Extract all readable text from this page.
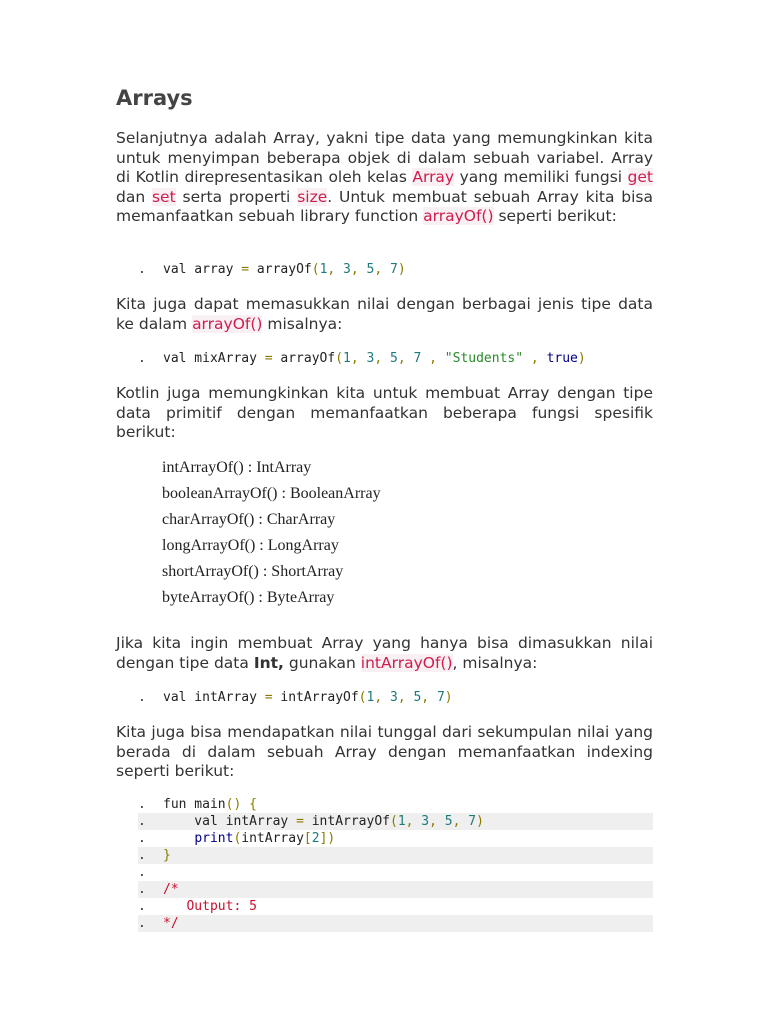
Arrays

Selanjutnya adalah Array, yakni tipe data yang memungkinkan kita untuk menyimpan beberapa objek di dalam sebuah variabel. Array di Kotlin direpresentasikan oleh kelas Array yang memiliki fungsi get dan set serta properti size. Untuk membuat sebuah Array kita bisa memanfaatkan sebuah library function arrayOf() seperti berikut:

. val array = arrayOf(1, 3, 5, 7)

Kita juga dapat memasukkan nilai dengan berbagai jenis tipe data ke dalam arrayOf() misalnya:

. val mixArray = arrayOf(1, 3, 5, 7 , "Students" , true)

Kotlin juga memungkinkan kita untuk membuat Array dengan tipe data primitif dengan memanfaatkan beberapa fungsi spesifik berikut:

intArrayOf() : IntArray
booleanArrayOf() : BooleanArray
charArrayOf() : CharArray
longArrayOf() : LongArray
shortArrayOf() : ShortArray
byteArrayOf() : ByteArray

Jika kita ingin membuat Array yang hanya bisa dimasukkan nilai dengan tipe data Int, gunakan intArrayOf(), misalnya:

. val intArray = intArrayOf(1, 3, 5, 7)

Kita juga bisa mendapatkan nilai tunggal dari sekumpulan nilai yang berada di dalam sebuah Array dengan memanfaatkan indexing seperti berikut:

. fun main() {
.    val intArray = intArrayOf(1, 3, 5, 7)
.	print(intArray[2])
. }
.
. /*
.   Output: 5
. */
